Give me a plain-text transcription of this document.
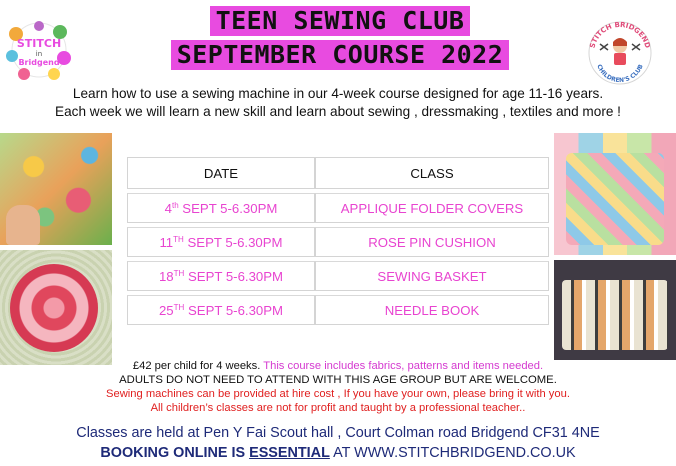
STITCH
in
Bridgend
TEEN SEWING CLUB
SEPTEMBER COURSE 2022	STITCH BRIDGEND
CHILDREN'S CLUB
Learn how to use a sewing machine in our 4-week course designed for age 11-16 years.
Each week we will learn a new skill and learn about sewing , dressmaking , textiles and more !
DATE	CLASS
4th SEPT 5-6.30PM	APPLIQUE FOLDER COVERS
11TH SEPT 5-6.30PM	ROSE PIN CUSHION
18TH SEPT 5-6.30PM	SEWING BASKET
25TH SEPT 5-6.30PM	NEEDLE BOOK
£42 per child for 4 weeks. This course includes fabrics, patterns and items needed.
ADULTS DO NOT NEED TO ATTEND WITH THIS AGE GROUP BUT ARE WELCOME.
Sewing machines can be provided at hire cost , If you have your own, please bring it with you.
All children’s classes are not for profit and taught by a professional teacher..
Classes are held at Pen Y Fai Scout hall , Court Colman road Bridgend CF31 4NE
BOOKING ONLINE IS ESSENTIAL AT WWW.STITCHBRIDGEND.CO.UK
